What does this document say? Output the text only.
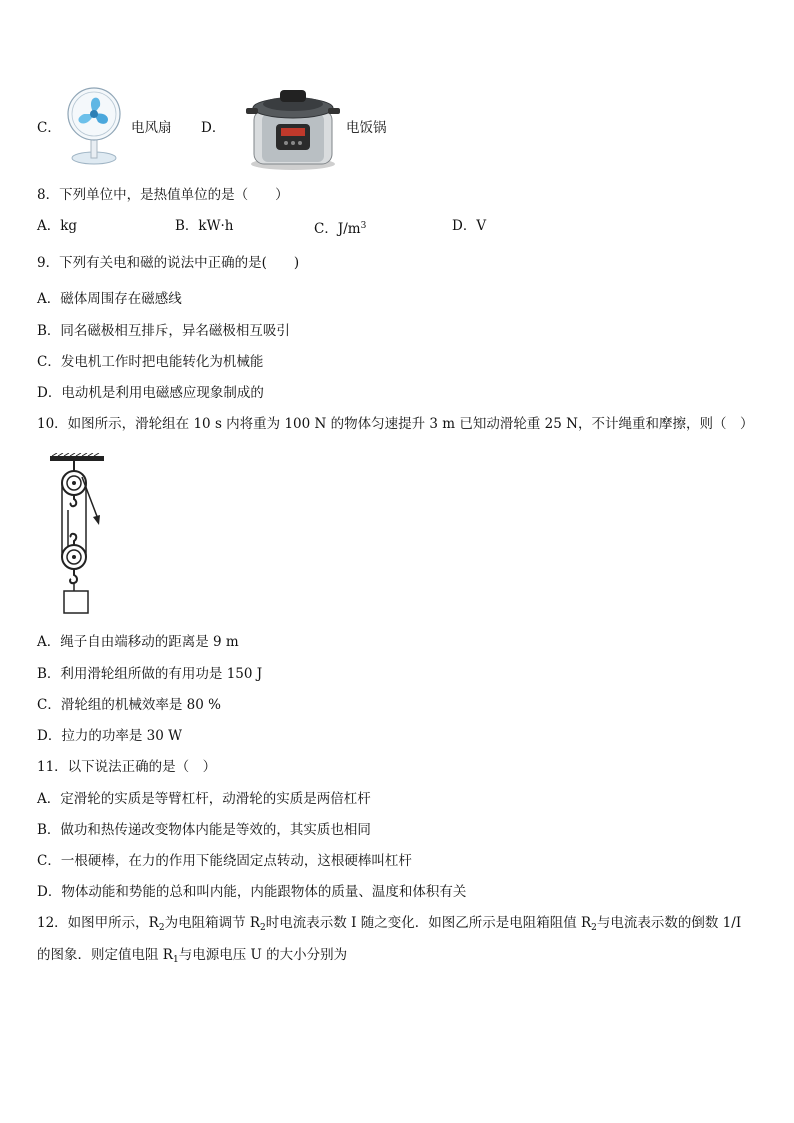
C．	电风扇 D．	电饭锅
8．下列单位中，是热值单位的是（　　）
A．kg	B．kW·h	C．$J/m^3$	D．V
9．下列有关电和磁的说法中正确的是(　　)
A．磁体周围存在磁感线
B．同名磁极相互排斥，异名磁极相互吸引
C．发电机工作时把电能转化为机械能
D．电动机是利用电磁感应现象制成的
10．如图所示，滑轮组在 10 s 内将重为 100 N 的物体匀速提升 3 m 已知动滑轮重 25 N，不计绳重和摩擦，则（　）
A．绳子自由端移动的距离是 9 m
B．利用滑轮组所做的有用功是 150 J
C．滑轮组的机械效率是 80 %
D．拉力的功率是 30 W
11．以下说法正确的是（　）
A．定滑轮的实质是等臂杠杆，动滑轮的实质是两倍杠杆
B．做功和热传递改变物体内能是等效的，其实质也相同
C．一根硬棒，在力的作用下能绕固定点转动，这根硬棒叫杠杆
D．物体动能和势能的总和叫内能，内能跟物体的质量、温度和体积有关
12．如图甲所示，$R_2$为电阻箱调节 $R_2$时电流表示数 I 随之变化．如图乙所示是电阻箱阻值 $R_2$与电流表示数的倒数 1/I
的图象．则定值电阻 $R_1$与电源电压 U 的大小分别为
